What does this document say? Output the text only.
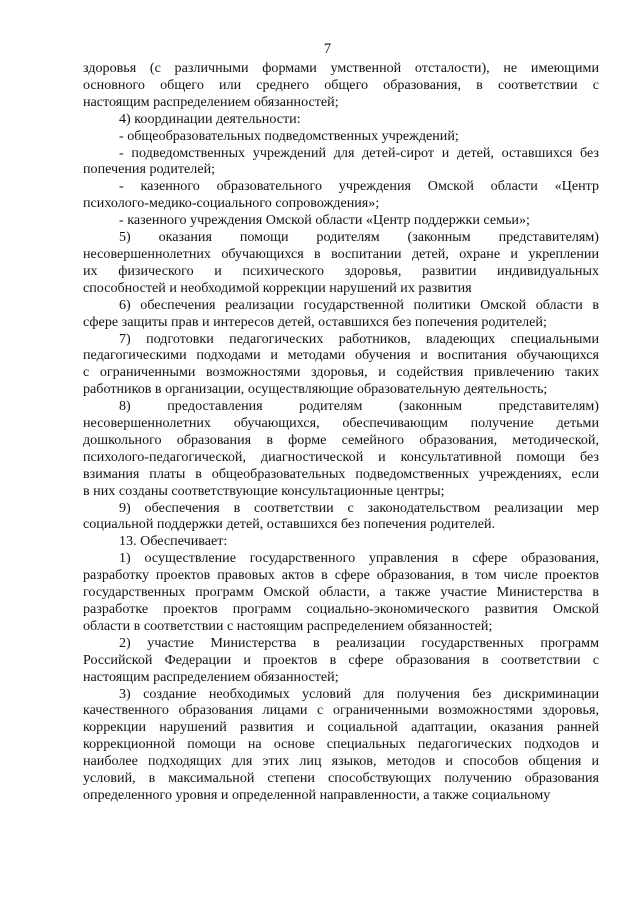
7

здоровья (с различными формами умственной отсталости), не имеющими
основного общего или среднего общего образования, в соответствии с
настоящим распределением обязанностей;

4) координации деятельности:

- общеобразовательных подведомственных учреждений;

- подведомственных учреждений для детей-сирот и детей, оставшихся без
попечения родителей;

- казенного образовательного учреждения Омской области «Центр
психолого-медико-социального сопровождения»;

- казенного учреждения Омской области «Центр поддержки семьи»;

5) оказания помощи родителям (законным представителям)
несовершеннолетних обучающихся в воспитании детей, охране и укреплении
их физического и психического здоровья, развитии индивидуальных
способностей и необходимой коррекции нарушений их развития

6) обеспечения реализации государственной политики Омской области в
сфере защиты прав и интересов детей, оставшихся без попечения родителей;

7) подготовки педагогических работников, владеющих специальными
педагогическими подходами и методами обучения и воспитания обучающихся
с ограниченными возможностями здоровья, и содействия привлечению таких
работников в организации, осуществляющие образовательную деятельность;

8) предоставления родителям (законным представителям)
несовершеннолетних обучающихся, обеспечивающим получение детьми
дошкольного образования в форме семейного образования, методической,
психолого-педагогической, диагностической и консультативной помощи без
взимания платы в общеобразовательных подведомственных учреждениях, если
в них созданы соответствующие консультационные центры;

9) обеспечения в соответствии с законодательством реализации мер
социальной поддержки детей, оставшихся без попечения родителей.

13. Обеспечивает:

1) осуществление государственного управления в сфере образования,
разработку проектов правовых актов в сфере образования, в том числе проектов
государственных программ Омской области, а также участие Министерства в
разработке проектов программ социально-экономического развития Омской
области в соответствии с настоящим распределением обязанностей;

2) участие Министерства в реализации государственных программ
Российской Федерации и проектов в сфере образования в соответствии с
настоящим распределением обязанностей;

3) создание необходимых условий для получения без дискриминации
качественного образования лицами с ограниченными возможностями здоровья,
коррекции нарушений развития и социальной адаптации, оказания ранней
коррекционной помощи на основе специальных педагогических подходов и
наиболее подходящих для этих лиц языков, методов и способов общения и
условий, в максимальной степени способствующих получению образования
определенного уровня и определенной направленности, а также социальному
